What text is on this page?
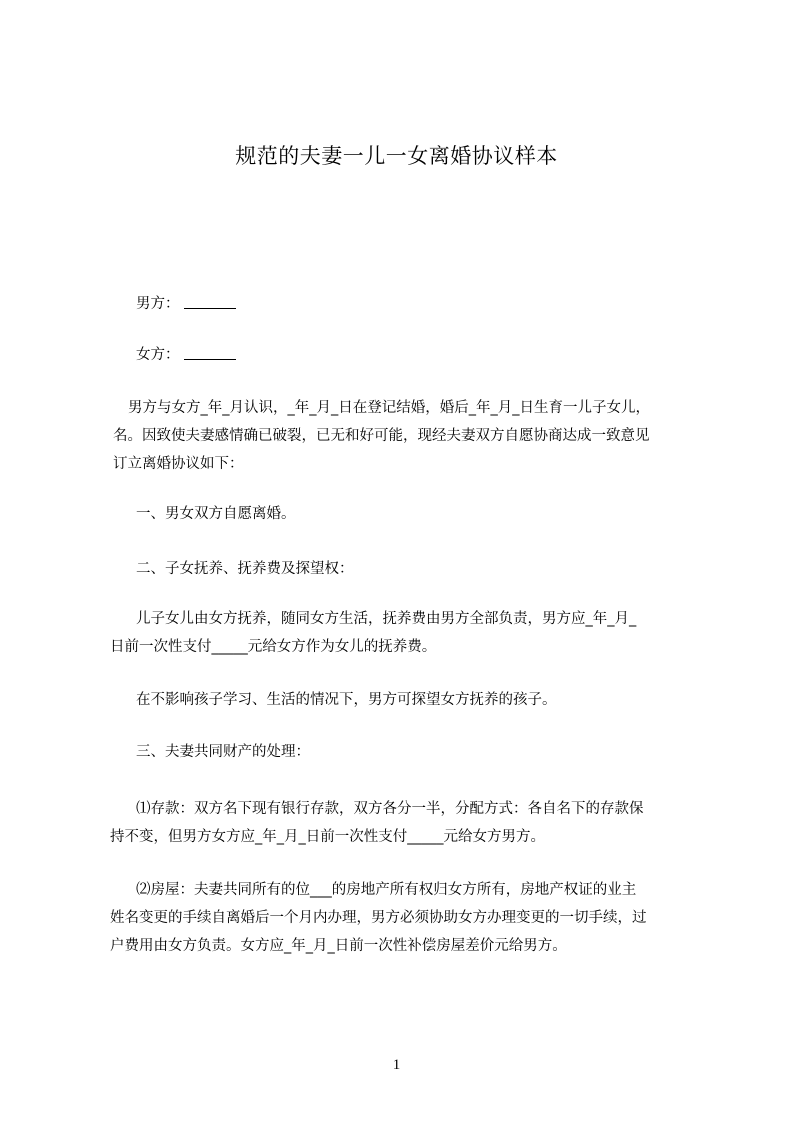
规范的夫妻一儿一女离婚协议样本

男方：

女方：

男方与女方_年_月认识，_年_月_日在登记结婚，婚后_年_月_日生育一儿子女儿，
名。因致使夫妻感情确已破裂，已无和好可能，现经夫妻双方自愿协商达成一致意见
订立离婚协议如下：
一、男女双方自愿离婚。
二、子女抚养、抚养费及探望权：
儿子女儿由女方抚养，随同女方生活，抚养费由男方全部负责，男方应_年_月_
日前一次性支付_____元给女方作为女儿的抚养费。
在不影响孩子学习、生活的情况下，男方可探望女方抚养的孩子。
三、夫妻共同财产的处理：
⑴存款：双方名下现有银行存款，双方各分一半，分配方式：各自名下的存款保
持不变，但男方女方应_年_月_日前一次性支付_____元给女方男方。
⑵房屋：夫妻共同所有的位___的房地产所有权归女方所有，房地产权证的业主
姓名变更的手续自离婚后一个月内办理，男方必须协助女方办理变更的一切手续，过
户费用由女方负责。女方应_年_月_日前一次性补偿房屋差价元给男方。
1
